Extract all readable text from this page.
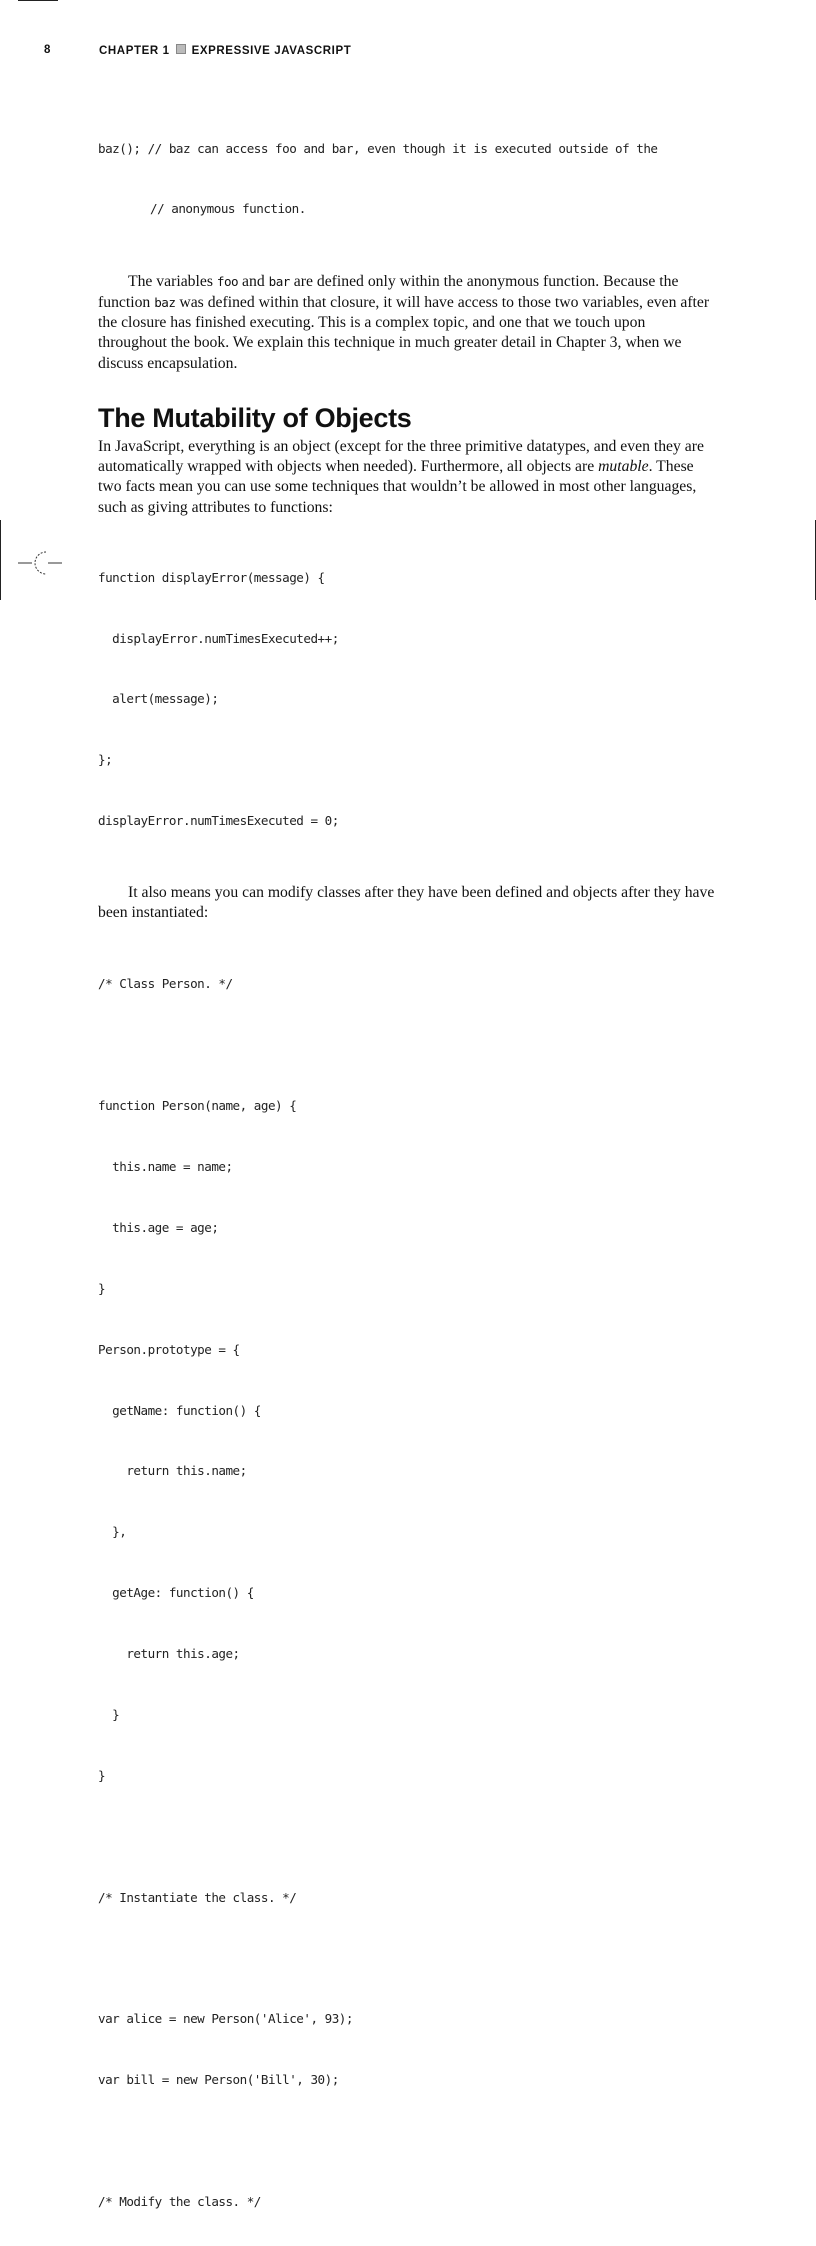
8	CHAPTER 1 EXPRESSIVE JAVASCRIPT

baz(); // baz can access foo and bar, even though it is executed outside of the

// anonymous function.

The variables foo and bar are defined only within the anonymous function. Because the function baz was defined within that closure, it will have access to those two variables, even after the closure has finished executing. This is a complex topic, and one that we touch upon throughout the book. We explain this technique in much greater detail in Chapter 3, when we discuss encapsulation.

The Mutability of Objects

In JavaScript, everything is an object (except for the three primitive datatypes, and even they are automatically wrapped with objects when needed). Furthermore, all objects are mutable. These two facts mean you can use some techniques that wouldn’t be allowed in most other languages, such as giving attributes to functions:

function displayError(message) {

displayError.numTimesExecuted++;

alert(message);

};

displayError.numTimesExecuted = 0;

It also means you can modify classes after they have been defined and objects after they have been instantiated:

/* Class Person. */

function Person(name, age) {

this.name = name;

this.age = age;

}

Person.prototype = {

getName: function() {

return this.name;

},

getAge: function() {

return this.age;

}

}

/* Instantiate the class. */

var alice = new Person('Alice', 93);

var bill = new Person('Bill', 30);

/* Modify the class. */
